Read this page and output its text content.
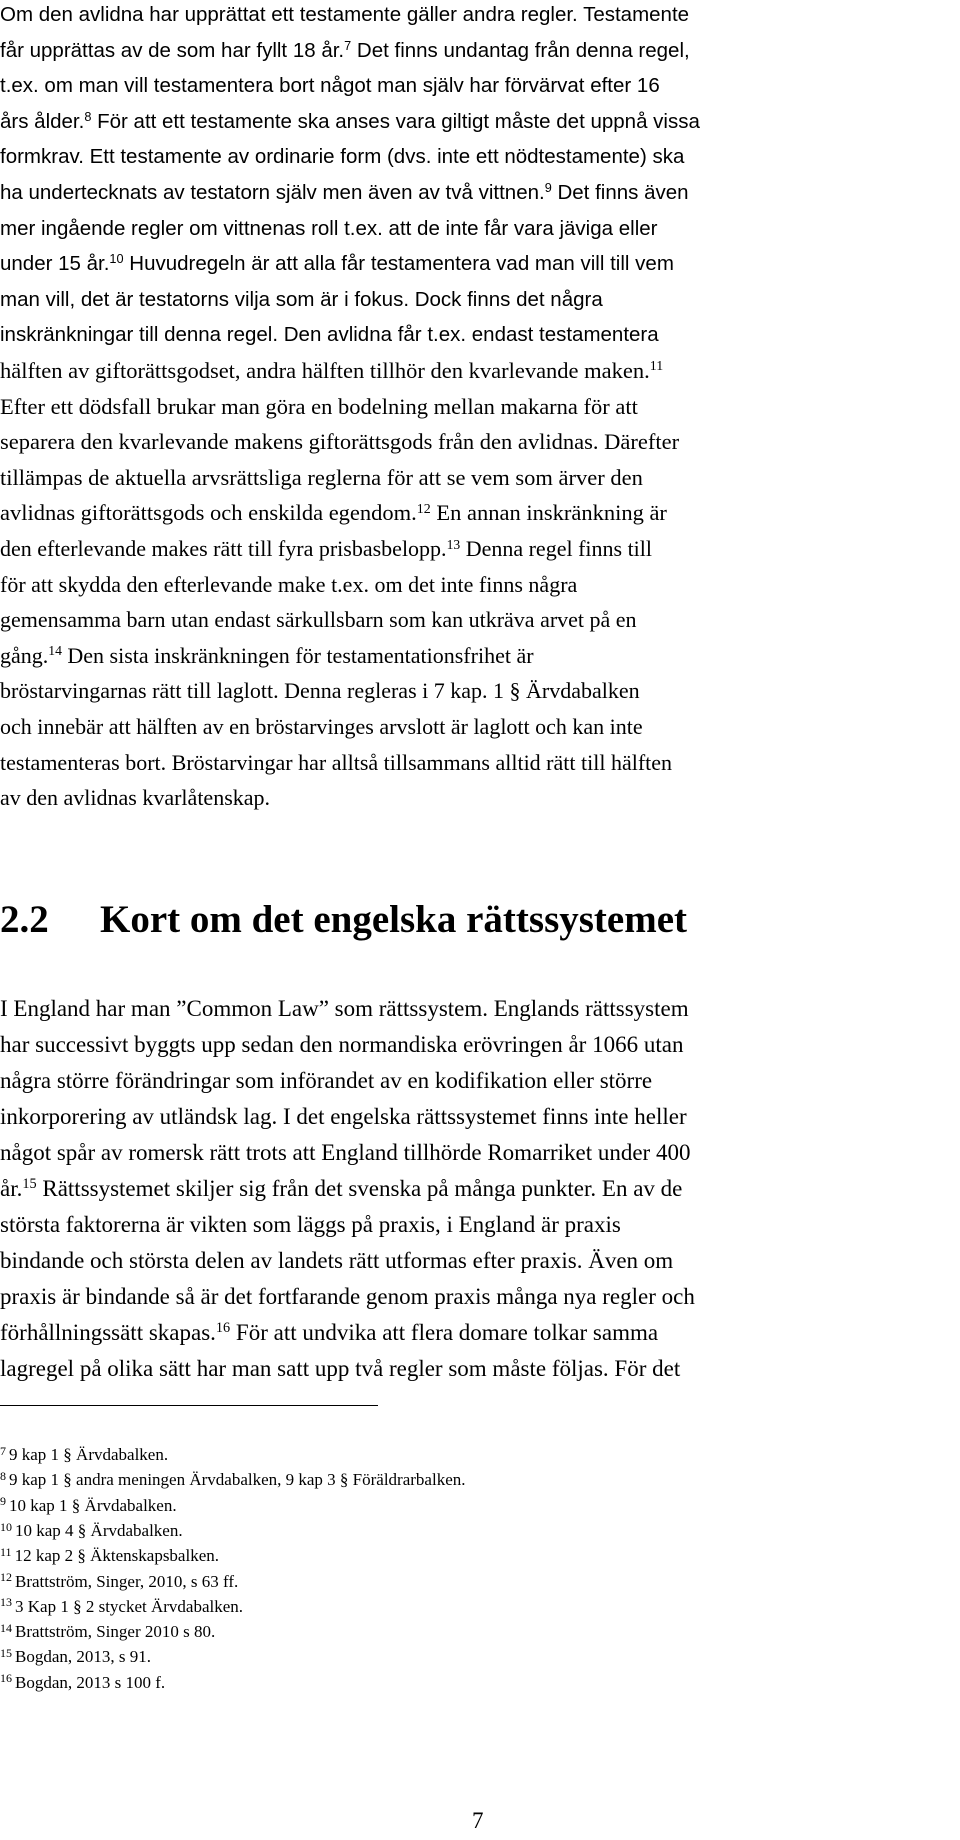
Om den avlidna har upprättat ett testamente gäller andra regler. Testamente
får upprättas av de som har fyllt 18 år.$^7$ Det finns undantag från denna regel,
t.ex. om man vill testamentera bort något man själv har förvärvat efter 16
års ålder.$^8$ För att ett testamente ska anses vara giltigt måste det uppnå vissa
formkrav. Ett testamente av ordinarie form (dvs. inte ett nödtestamente) ska
ha undertecknats av testatorn själv men även av två vittnen.$^9$ Det finns även
mer ingående regler om vittnenas roll t.ex. att de inte får vara jäviga eller
under 15 år.$^{10}$ Huvudregeln är att alla får testamentera vad man vill till vem
man vill, det är testatorns vilja som är i fokus. Dock finns det några
inskränkningar till denna regel. Den avlidna får t.ex. endast testamentera
hälften av giftorättsgodset, andra hälften tillhör den kvarlevande maken.$^{11}$
Efter ett dödsfall brukar man göra en bodelning mellan makarna för att
separera den kvarlevande makens giftorättsgods från den avlidnas. Därefter
tillämpas de aktuella arvsrättsliga reglerna för att se vem som ärver den
avlidnas giftorättsgods och enskilda egendom.$^{12}$ En annan inskränkning är
den efterlevande makes rätt till fyra prisbasbelopp.$^{13}$ Denna regel finns till
för att skydda den efterlevande make t.ex. om det inte finns några
gemensamma barn utan endast särkullsbarn som kan utkräva arvet på en
gång.$^{14}$ Den sista inskränkningen för testamentationsfrihet är
bröstarvingarnas rätt till laglott. Denna regleras i 7 kap. 1 § Ärvdabalken
och innebär att hälften av en bröstarvinges arvslott är laglott och kan inte
testamenteras bort. Bröstarvingar har alltså tillsammans alltid rätt till hälften
av den avlidnas kvarlåtenskap.
2.2 Kort om det engelska rättssystemet
I England har man ”Common Law” som rättssystem. Englands rättssystem
har successivt byggts upp sedan den normandiska erövringen år 1066 utan
några större förändringar som införandet av en kodifikation eller större
inkorporering av utländsk lag. I det engelska rättssystemet finns inte heller
något spår av romersk rätt trots att England tillhörde Romarriket under 400
år.$^{15}$ Rättssystemet skiljer sig från det svenska på många punkter. En av de
största faktorerna är vikten som läggs på praxis, i England är praxis
bindande och största delen av landets rätt utformas efter praxis. Även om
praxis är bindande så är det fortfarande genom praxis många nya regler och
förhållningssätt skapas.$^{16}$ För att undvika att flera domare tolkar samma
lagregel på olika sätt har man satt upp två regler som måste följas. För det
$^7$ 9 kap 1 § Ärvdabalken.
$^8$ 9 kap 1 § andra meningen Ärvdabalken, 9 kap 3 § Föräldrarbalken.
$^9$ 10 kap 1 § Ärvdabalken.
$^{10}$ 10 kap 4 § Ärvdabalken.
$^{11}$ 12 kap 2 § Äktenskapsbalken.
$^{12}$ Brattström, Singer, 2010, s 63 ff.
$^{13}$ 3 Kap 1 § 2 stycket Ärvdabalken.
$^{14}$ Brattström, Singer 2010 s 80.
$^{15}$ Bogdan, 2013, s 91.
$^{16}$ Bogdan, 2013 s 100 f.
7
